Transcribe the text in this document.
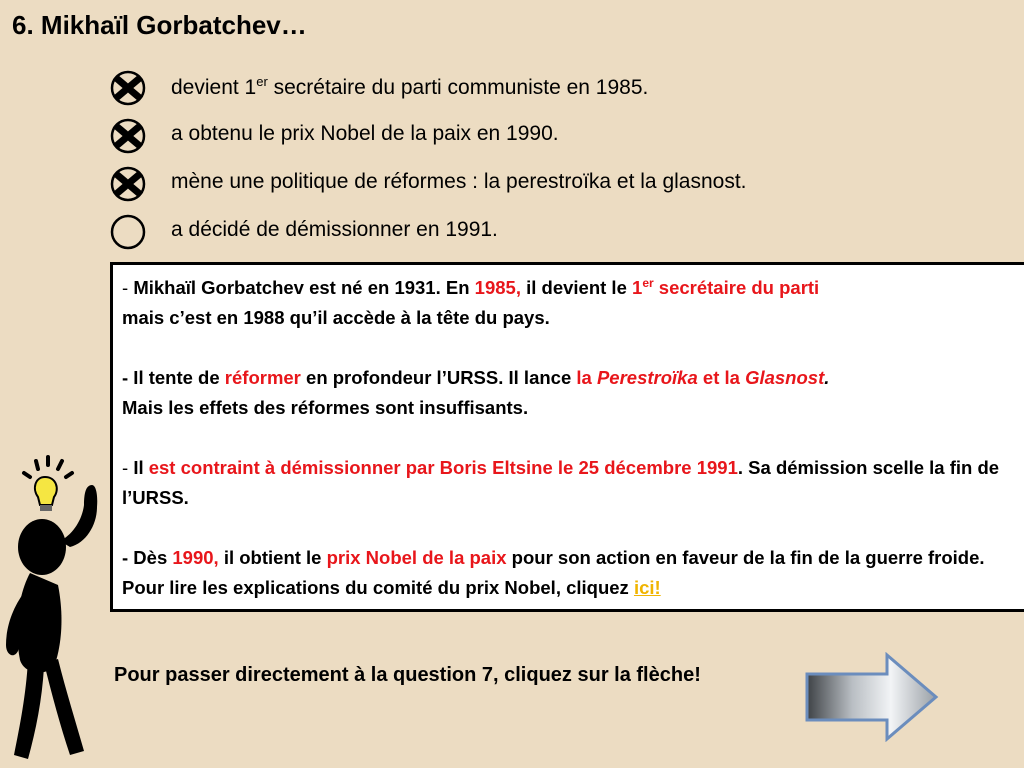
6. Mikhaïl Gorbatchev…
devient 1er secrétaire du parti communiste en 1985.
a obtenu le prix Nobel de la paix en 1990.
mène une politique de réformes : la perestroïka et la glasnost.
a décidé de démissionner en 1991.

- Mikhaïl Gorbatchev est né en 1931. En 1985, il devient le 1er secrétaire du parti
mais c’est en 1988 qu’il accède à la tête du pays.

- Il tente de réformer en profondeur l’URSS. Il lance la Perestroïka et la Glasnost.
Mais les effets des réformes sont insuffisants.

- Il est contraint à démissionner par Boris Eltsine le 25 décembre 1991. Sa démission scelle la fin de l’URSS.

- Dès 1990, il obtient le prix Nobel de la paix pour son action en faveur de la fin de la guerre froide. Pour lire les explications du comité du prix Nobel, cliquez ici!

Pour passer directement à la question 7, cliquez sur la flèche!
